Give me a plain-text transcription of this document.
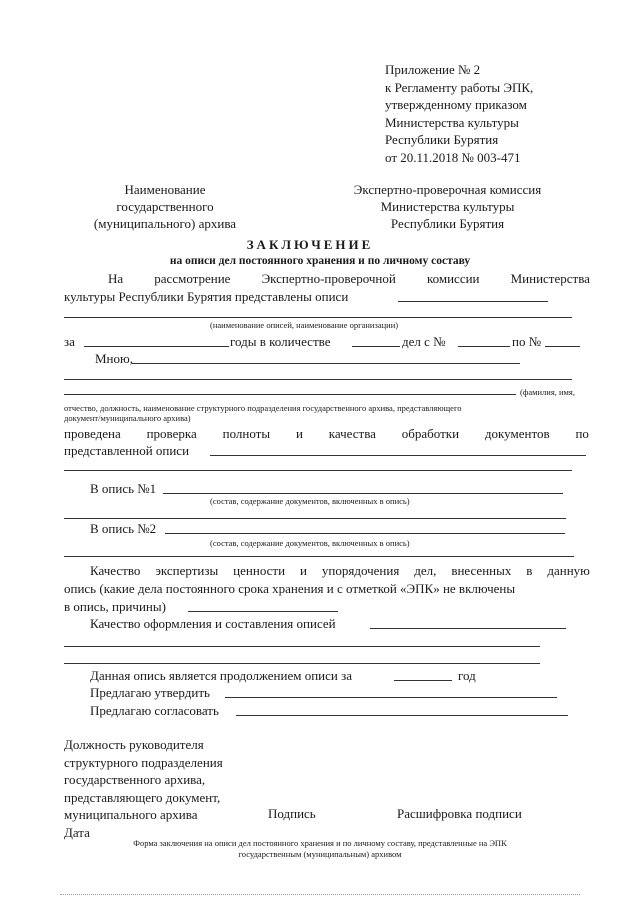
Приложение № 2
к Регламенту работы ЭПК,
утвержденному приказом
Министерства культуры
Республики Бурятия
от 20.11.2018 № 003-471
Наименование
государственного
(муниципального) архива
Экспертно-проверочная комиссия
Министерства культуры
Республики Бурятия
ЗАКЛЮЧЕНИЕ
на описи дел постоянного хранения и по личному составу
На рассмотрение Экспертно-проверочной комиссии Министерства
культуры Республики Бурятия представлены описи
(наименование описей, наименование организации)
за	годы в количестве	дел с №	по №
Мною,
(фамилия, имя,
отчество, должность, наименование структурного подразделения государственного архива, представляющего
документ/муниципального архива)
проведена проверка полноты и качества обработки документов по
представленной описи
В опись №1
(состав, содержание документов, включенных в опись)
В опись №2
(состав, содержание документов, включенных в опись)
Качество экспертизы ценности и упорядочения дел, внесенных в данную
опись (какие дела постоянного срока хранения и с отметкой «ЭПК» не включены
в опись, причины)
Качество оформления и составления описей
Данная опись является продолжением описи за	год
Предлагаю утвердить
Предлагаю согласовать
Должность руководителя
структурного подразделения
государственного архива,
представляющего документ,
муниципального архива
Дата
Подпись	Расшифровка подписи
Форма заключения на описи дел постоянного хранения и по личному составу, представленные на ЭПК
государственным (муниципальным) архивом
